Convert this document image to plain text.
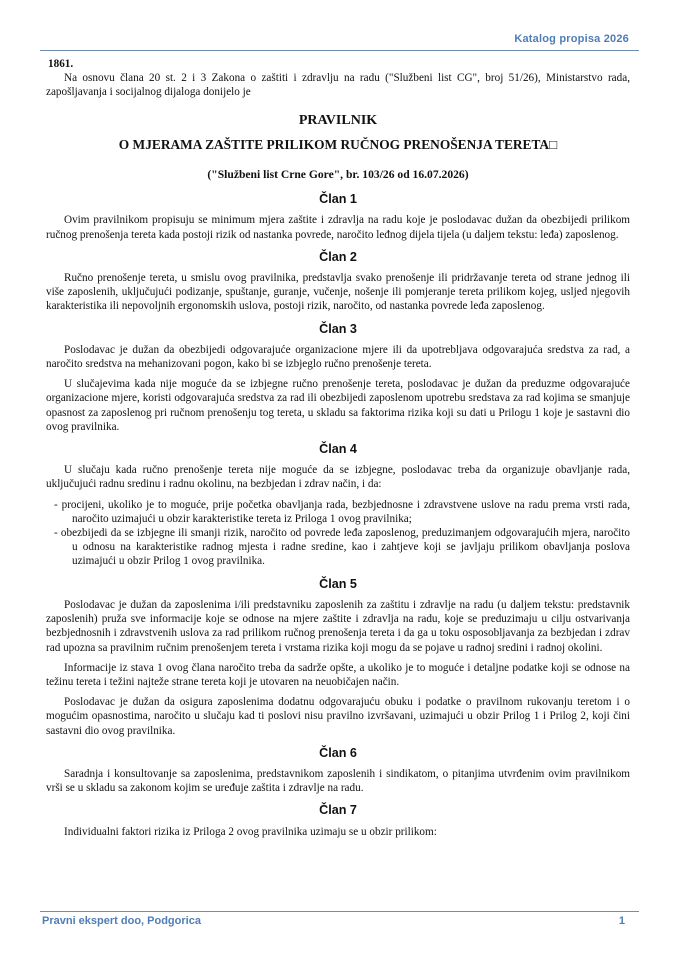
Katalog propisa 2026
1861.

Na osnovu člana 20 st. 2 i 3 Zakona o zaštiti i zdravlju na radu ("Službeni list CG", broj 51/26), Ministarstvo rada, zapošljavanja i socijalnog dijaloga donijelo je

PRAVILNIK
O MJERAMA ZAŠTITE PRILIKOM RUČNOG PRENOŠENJA TERETA□
("Službeni list Crne Gore", br. 103/26 od 16.07.2026)
Član 1

Ovim pravilnikom propisuju se minimum mjera zaštite i zdravlja na radu koje je poslodavac dužan da obezbijedi prilikom ručnog prenošenja tereta kada postoji rizik od nastanka povrede, naročito leđnog dijela tijela (u daljem tekstu: leđa) zaposlenog.

Član 2

Ručno prenošenje tereta, u smislu ovog pravilnika, predstavlja svako prenošenje ili pridržavanje tereta od strane jednog ili više zaposlenih, uključujući podizanje, spuštanje, guranje, vučenje, nošenje ili pomjeranje tereta prilikom kojeg, usljed njegovih karakteristika ili nepovoljnih ergonomskih uslova, postoji rizik, naročito, od nastanka povrede leđa zaposlenog.

Član 3

Poslodavac je dužan da obezbijedi odgovarajuće organizacione mjere ili da upotrebljava odgovarajuća sredstva za rad, a naročito sredstva na mehanizovani pogon, kako bi se izbjeglo ručno prenošenje tereta.

U slučajevima kada nije moguće da se izbjegne ručno prenošenje tereta, poslodavac je dužan da preduzme odgovarajuće organizacione mjere, koristi odgovarajuća sredstva za rad ili obezbijedi zaposlenom upotrebu sredstava za rad kojima se smanjuje opasnost za zaposlenog pri ručnom prenošenju tog tereta, u skladu sa faktorima rizika koji su dati u Prilogu 1 koje je sastavni dio ovog pravilnika.

Član 4

U slučaju kada ručno prenošenje tereta nije moguće da se izbjegne, poslodavac treba da organizuje obavljanje rada, uključujući radnu sredinu i radnu okolinu, na bezbjedan i zdrav način, i da:

- procijeni, ukoliko je to moguće, prije početka obavljanja rada, bezbjednosne i zdravstvene uslove na radu prema vrsti rada, naročito uzimajući u obzir karakteristike tereta iz Priloga 1 ovog pravilnika;
- obezbijedi da se izbjegne ili smanji rizik, naročito od povrede leđa zaposlenog, preduzimanjem odgovarajućih mjera, naročito u odnosu na karakteristike radnog mjesta i radne sredine, kao i zahtjeve koji se javljaju prilikom obavljanja poslova uzimajući u obzir Prilog 1 ovog pravilnika.
Član 5

Poslodavac je dužan da zaposlenima i/ili predstavniku zaposlenih za zaštitu i zdravlje na radu (u daljem tekstu: predstavnik zaposlenih) pruža sve informacije koje se odnose na mjere zaštite i zdravlja na radu, koje se preduzimaju u cilju ostvarivanja bezbjednosnih i zdravstvenih uslova za rad prilikom ručnog prenošenja tereta i da ga u toku osposobljavanja za bezbjedan i zdrav rad upozna sa pravilnim ručnim prenošenjem tereta i vrstama rizika koji mogu da se pojave u radnoj sredini i radnoj okolini.

Informacije iz stava 1 ovog člana naročito treba da sadrže opšte, a ukoliko je to moguće i detaljne podatke koji se odnose na težinu tereta i težini najteže strane tereta koji je utovaren na neuobičajen način.

Poslodavac je dužan da osigura zaposlenima dodatnu odgovarajuću obuku i podatke o pravilnom rukovanju teretom i o mogućim opasnostima, naročito u slučaju kad ti poslovi nisu pravilno izvršavani, uzimajući u obzir Prilog 1 i Prilog 2, koji čini sastavni dio ovog pravilnika.

Član 6

Saradnja i konsultovanje sa zaposlenima, predstavnikom zaposlenih i sindikatom, o pitanjima utvrđenim ovim pravilnikom vrši se u skladu sa zakonom kojim se uređuje zaštita i zdravlje na radu.

Član 7

Individualni faktori rizika iz Priloga 2 ovog pravilnika uzimaju se u obzir prilikom:

Pravni ekspert doo, Podgorica	1
